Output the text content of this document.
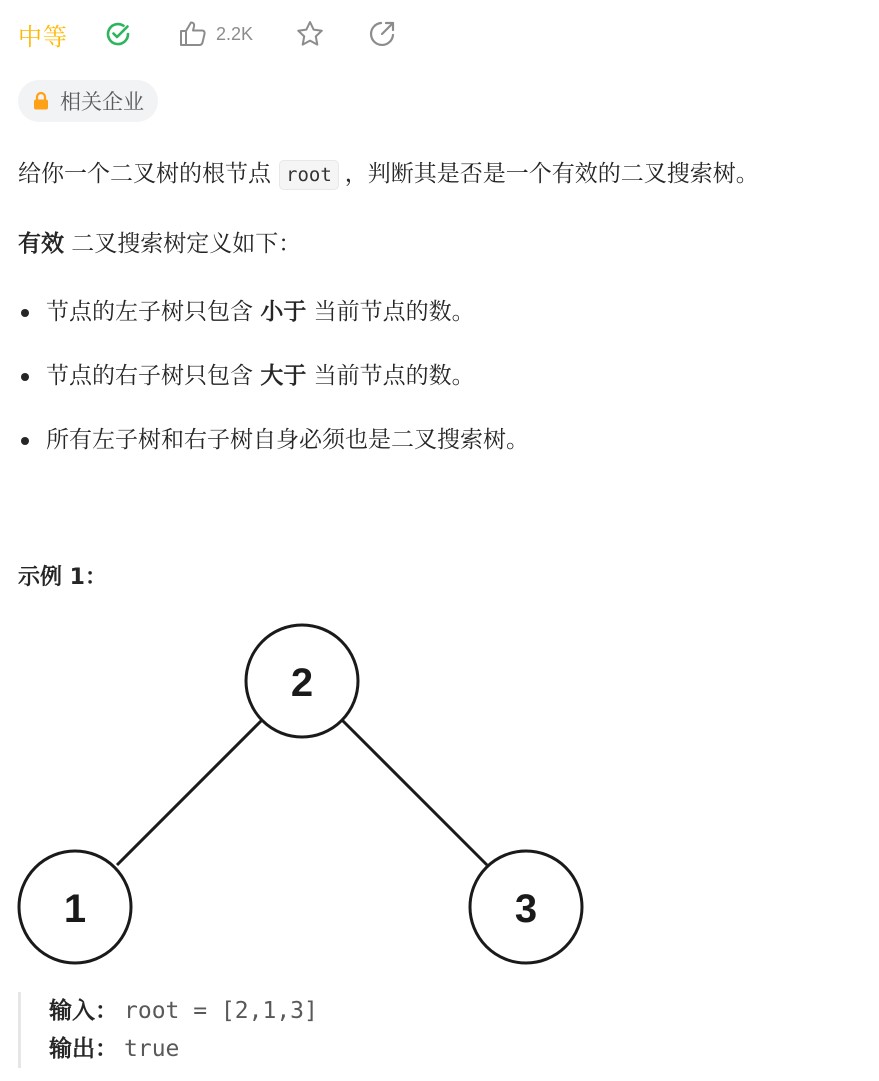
中等	2.2K
相关企业
给你一个二叉树的根节点 root ，判断其是否是一个有效的二叉搜索树。
有效 二叉搜索树定义如下：
节点的左子树只包含 小于 当前节点的数。
节点的右子树只包含 大于 当前节点的数。
所有左子树和右子树自身必须也是二叉搜索树。
示例 1：
2
1	3
输入： root = [2,1,3]
输出： true
